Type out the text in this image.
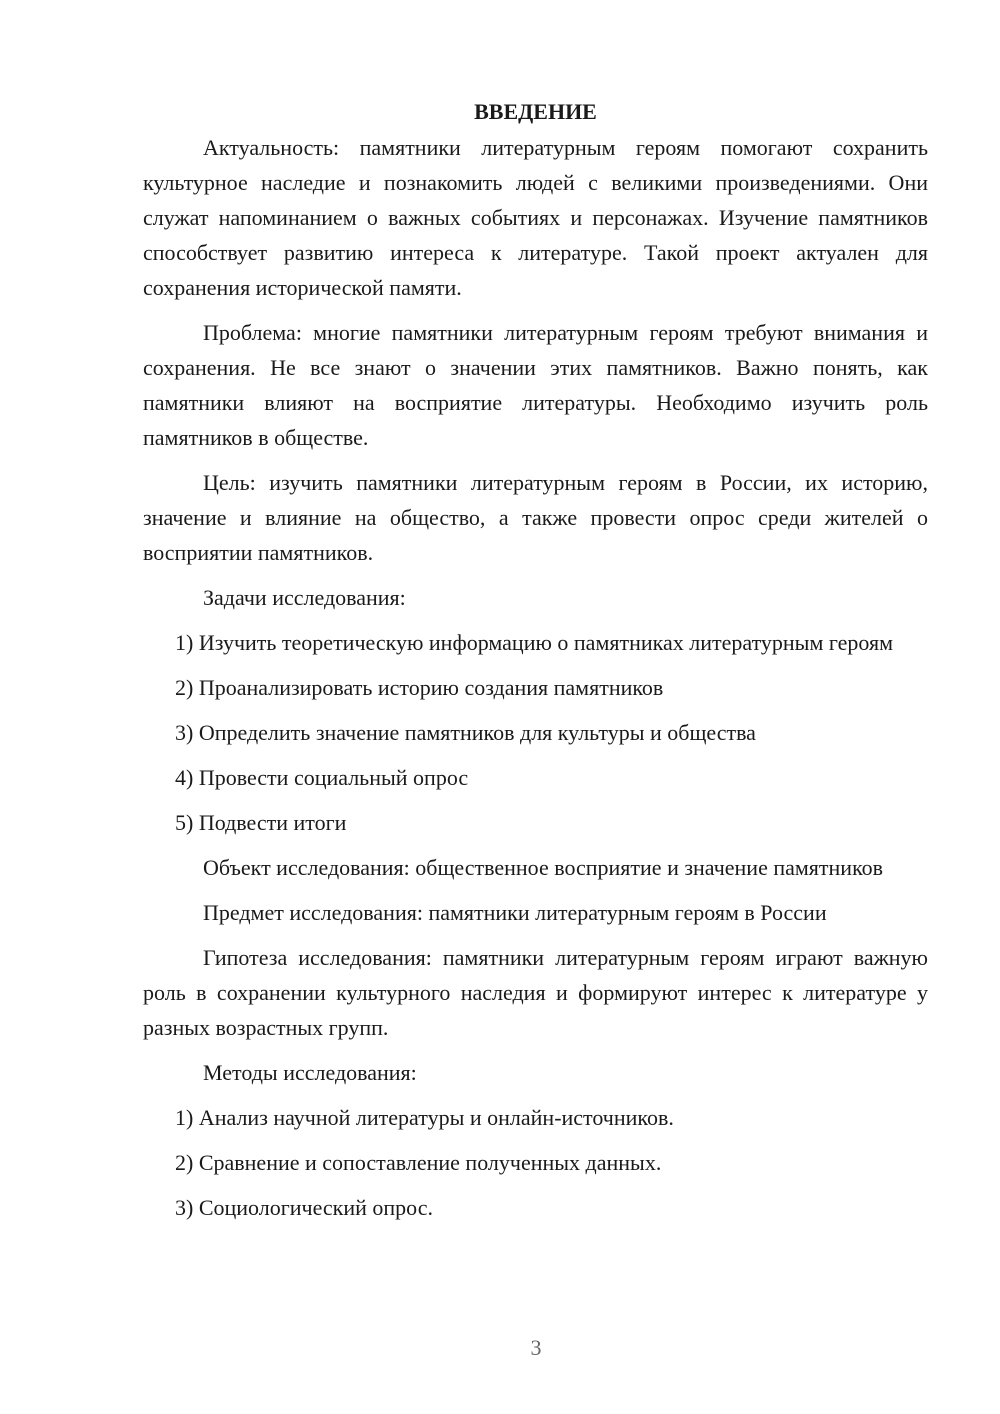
ВВЕДЕНИЕ

Актуальность: памятники литературным героям помогают сохранить культурное наследие и познакомить людей с великими произведениями. Они служат напоминанием о важных событиях и персонажах. Изучение памятников способствует развитию интереса к литературе. Такой проект актуален для сохранения исторической памяти.

Проблема: многие памятники литературным героям требуют внимания и сохранения. Не все знают о значении этих памятников. Важно понять, как памятники влияют на восприятие литературы. Необходимо изучить роль памятников в обществе.

Цель: изучить памятники литературным героям в России, их историю, значение и влияние на общество, а также провести опрос среди жителей о восприятии памятников.

Задачи исследования:

1) Изучить теоретическую информацию о памятниках литературным героям

2) Проанализировать историю создания памятников

3) Определить значение памятников для культуры и общества

4) Провести социальный опрос

5) Подвести итоги

Объект исследования: общественное восприятие и значение памятников

Предмет исследования: памятники литературным героям в России

Гипотеза исследования: памятники литературным героям играют важную роль в сохранении культурного наследия и формируют интерес к литературе у разных возрастных групп.

Методы исследования:

1) Анализ научной литературы и онлайн-источников.

2) Сравнение и сопоставление полученных данных.

3) Социологический опрос.

3
